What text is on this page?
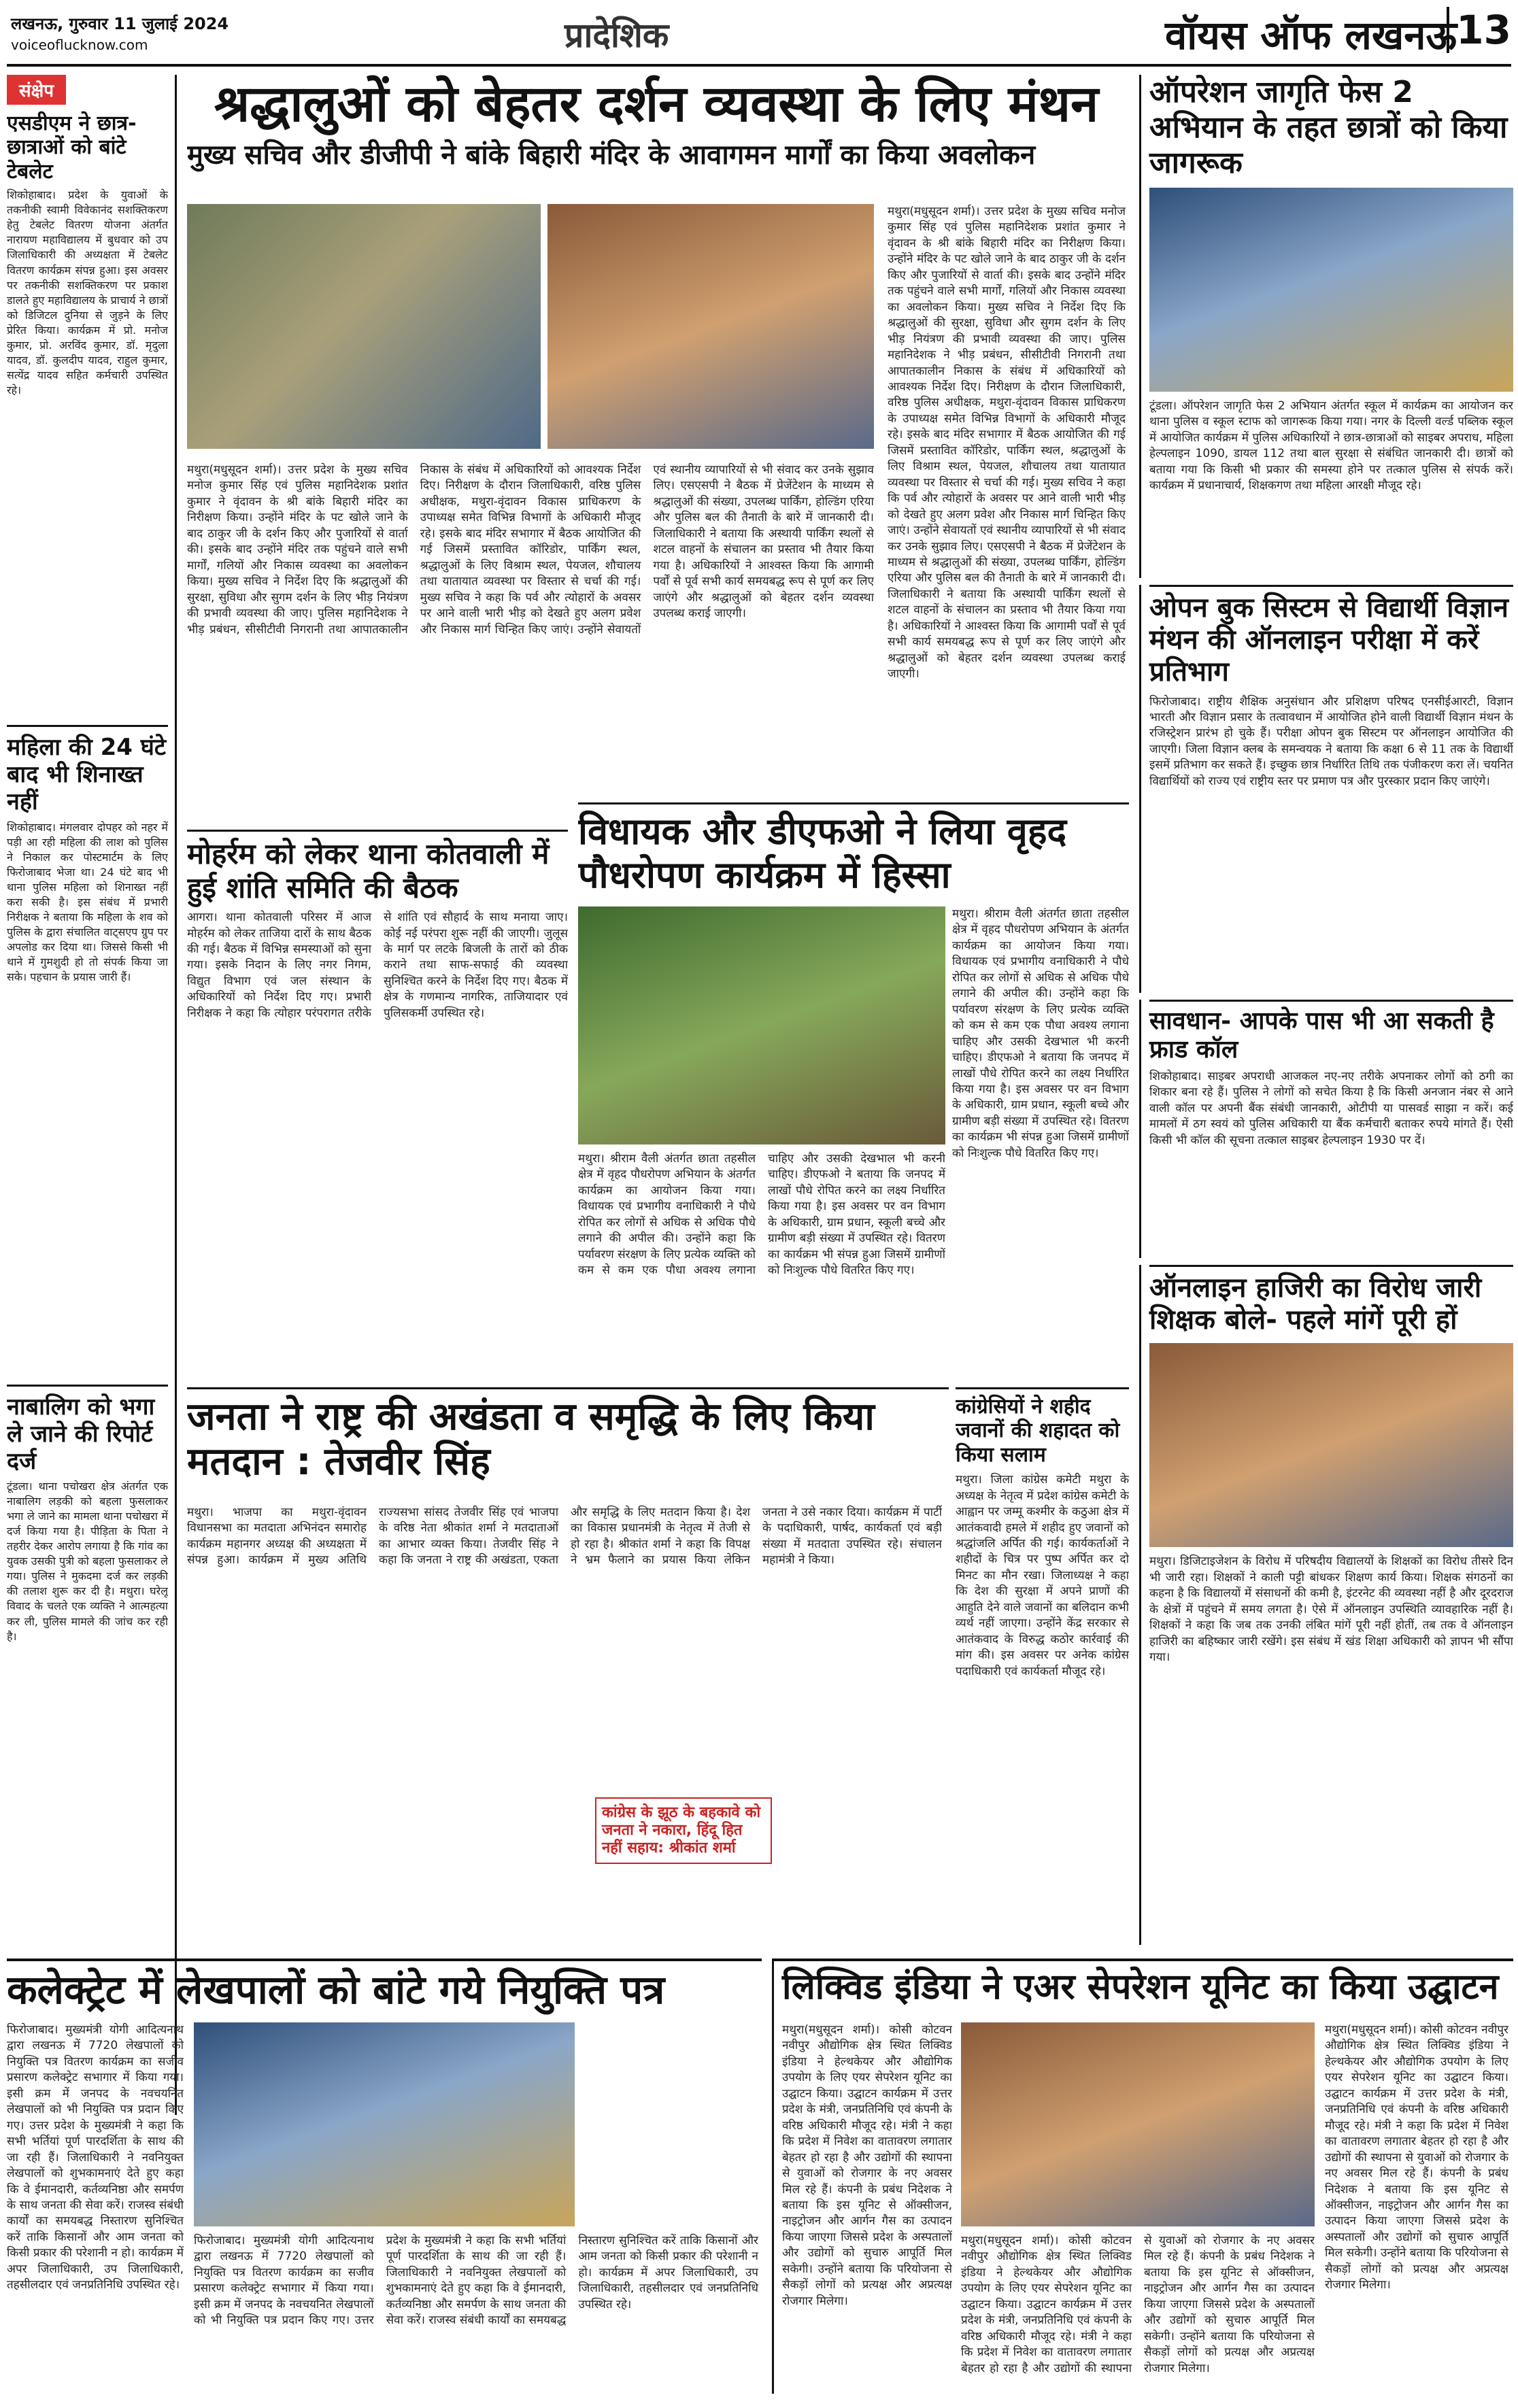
लखनऊ, गुरुवार 11 जुलाई 2024
voiceoflucknow.com	प्रादेशिक	वॉयस ऑफ लखनऊ 13
संक्षेप
एसडीएम ने छात्र-छात्राओं को बांटे टेबलेट
शिकोहाबाद। प्रदेश के युवाओं के तकनीकी स्वामी विवेकानंद सशक्तिकरण हेतु टेबलेट वितरण योजना अंतर्गत नारायण महाविद्यालय में बुधवार को उप जिलाधिकारी की अध्यक्षता में टेबलेट वितरण कार्यक्रम संपन्न हुआ। इस अवसर पर तकनीकी सशक्तिकरण पर प्रकाश डालते हुए महाविद्यालय के प्राचार्य ने छात्रों को डिजिटल दुनिया से जुड़ने के लिए प्रेरित किया। कार्यक्रम में प्रो. मनोज कुमार, प्रो. अरविंद कुमार, डॉ. मृदुला यादव, डॉ. कुलदीप यादव, राहुल कुमार, सत्येंद्र यादव सहित कर्मचारी उपस्थित रहे।
महिला की 24 घंटे बाद भी शिनाख्त नहीं
शिकोहाबाद। मंगलवार दोपहर को नहर में पड़ी आ रही महिला की लाश को पुलिस ने निकाल कर पोस्टमार्टम के लिए फिरोजाबाद भेजा था। 24 घंटे बाद भी थाना पुलिस महिला को शिनाख्त नहीं करा सकी है। इस संबंध में प्रभारी निरीक्षक ने बताया कि महिला के शव को पुलिस के द्वारा संचालित वाट्सएप ग्रुप पर अपलोड कर दिया था। जिससे किसी भी थाने में गुमशुदी हो तो संपर्क किया जा सके। पहचान के प्रयास जारी हैं।
नाबालिग को भगा ले जाने की रिपोर्ट दर्ज
टूंडला। थाना पचोखरा क्षेत्र अंतर्गत एक नाबालिग लड़की को बहला फुसलाकर भगा ले जाने का मामला थाना पचोखरा में दर्ज किया गया है। पीड़िता के पिता ने तहरीर देकर आरोप लगाया है कि गांव का युवक उसकी पुत्री को बहला फुसलाकर ले गया। पुलिस ने मुकदमा दर्ज कर लड़की की तलाश शुरू कर दी है। मथुरा। घरेलू विवाद के चलते एक व्यक्ति ने आत्महत्या कर ली, पुलिस मामले की जांच कर रही है।
श्रद्धालुओं को बेहतर दर्शन व्यवस्था के लिए मंथन
मुख्य सचिव और डीजीपी ने बांके बिहारी मंदिर के आवागमन मार्गों का किया अवलोकन
मथुरा(मधुसूदन शर्मा)। उत्तर प्रदेश के मुख्य सचिव मनोज कुमार सिंह एवं पुलिस महानिदेशक प्रशांत कुमार ने वृंदावन के श्री बांके बिहारी मंदिर का निरीक्षण किया। उन्होंने मंदिर के पट खोले जाने के बाद ठाकुर जी के दर्शन किए और पुजारियों से वार्ता की। इसके बाद उन्होंने मंदिर तक पहुंचने वाले सभी मार्गों, गलियों और निकास व्यवस्था का अवलोकन किया। मुख्य सचिव ने निर्देश दिए कि श्रद्धालुओं की सुरक्षा, सुविधा और सुगम दर्शन के लिए भीड़ नियंत्रण की प्रभावी व्यवस्था की जाए। पुलिस महानिदेशक ने भीड़ प्रबंधन, सीसीटीवी निगरानी तथा आपातकालीन निकास के संबंध में अधिकारियों को आवश्यक निर्देश दिए। निरीक्षण के दौरान जिलाधिकारी, वरिष्ठ पुलिस अधीक्षक, मथुरा-वृंदावन विकास प्राधिकरण के उपाध्यक्ष समेत विभिन्न विभागों के अधिकारी मौजूद रहे। इसके बाद मंदिर सभागार में बैठक आयोजित की गई जिसमें प्रस्तावित कॉरिडोर, पार्किंग स्थल, श्रद्धालुओं के लिए विश्राम स्थल, पेयजल, शौचालय तथा यातायात व्यवस्था पर विस्तार से चर्चा की गई। मुख्य सचिव ने कहा कि पर्व और त्योहारों के अवसर पर आने वाली भारी भीड़ को देखते हुए अलग प्रवेश और निकास मार्ग चिन्हित किए जाएं। उन्होंने सेवायतों एवं स्थानीय व्यापारियों से भी संवाद कर उनके सुझाव लिए। एसएसपी ने बैठक में प्रेजेंटेशन के माध्यम से श्रद्धालुओं की संख्या, उपलब्ध पार्किंग, होल्डिंग एरिया और पुलिस बल की तैनाती के बारे में जानकारी दी। जिलाधिकारी ने बताया कि अस्थायी पार्किंग स्थलों से शटल वाहनों के संचालन का प्रस्ताव भी तैयार किया गया है। अधिकारियों ने आश्वस्त किया कि आगामी पर्वों से पूर्व सभी कार्य समयबद्ध रूप से पूर्ण कर लिए जाएंगे और श्रद्धालुओं को बेहतर दर्शन व्यवस्था उपलब्ध कराई जाएगी।
मथुरा(मधुसूदन शर्मा)। उत्तर प्रदेश के मुख्य सचिव मनोज कुमार सिंह एवं पुलिस महानिदेशक प्रशांत कुमार ने वृंदावन के श्री बांके बिहारी मंदिर का निरीक्षण किया। उन्होंने मंदिर के पट खोले जाने के बाद ठाकुर जी के दर्शन किए और पुजारियों से वार्ता की। इसके बाद उन्होंने मंदिर तक पहुंचने वाले सभी मार्गों, गलियों और निकास व्यवस्था का अवलोकन किया। मुख्य सचिव ने निर्देश दिए कि श्रद्धालुओं की सुरक्षा, सुविधा और सुगम दर्शन के लिए भीड़ नियंत्रण की प्रभावी व्यवस्था की जाए। पुलिस महानिदेशक ने भीड़ प्रबंधन, सीसीटीवी निगरानी तथा आपातकालीन निकास के संबंध में अधिकारियों को आवश्यक निर्देश दिए। निरीक्षण के दौरान जिलाधिकारी, वरिष्ठ पुलिस अधीक्षक, मथुरा-वृंदावन विकास प्राधिकरण के उपाध्यक्ष समेत विभिन्न विभागों के अधिकारी मौजूद रहे। इसके बाद मंदिर सभागार में बैठक आयोजित की गई जिसमें प्रस्तावित कॉरिडोर, पार्किंग स्थल, श्रद्धालुओं के लिए विश्राम स्थल, पेयजल, शौचालय तथा यातायात व्यवस्था पर विस्तार से चर्चा की गई। मुख्य सचिव ने कहा कि पर्व और त्योहारों के अवसर पर आने वाली भारी भीड़ को देखते हुए अलग प्रवेश और निकास मार्ग चिन्हित किए जाएं। उन्होंने सेवायतों एवं स्थानीय व्यापारियों से भी संवाद कर उनके सुझाव लिए। एसएसपी ने बैठक में प्रेजेंटेशन के माध्यम से श्रद्धालुओं की संख्या, उपलब्ध पार्किंग, होल्डिंग एरिया और पुलिस बल की तैनाती के बारे में जानकारी दी। जिलाधिकारी ने बताया कि अस्थायी पार्किंग स्थलों से शटल वाहनों के संचालन का प्रस्ताव भी तैयार किया गया है। अधिकारियों ने आश्वस्त किया कि आगामी पर्वों से पूर्व सभी कार्य समयबद्ध रूप से पूर्ण कर लिए जाएंगे और श्रद्धालुओं को बेहतर दर्शन व्यवस्था उपलब्ध कराई जाएगी।
ऑपरेशन जागृति फेस 2 अभियान के तहत छात्रों को किया जागरूक
टूंडला। ऑपरेशन जागृति फेस 2 अभियान अंतर्गत स्कूल में कार्यक्रम का आयोजन कर थाना पुलिस व स्कूल स्टाफ को जागरूक किया गया। नगर के दिल्ली वर्ल्ड पब्लिक स्कूल में आयोजित कार्यक्रम में पुलिस अधिकारियों ने छात्र-छात्राओं को साइबर अपराध, महिला हेल्पलाइन 1090, डायल 112 तथा बाल सुरक्षा से संबंधित जानकारी दी। छात्रों को बताया गया कि किसी भी प्रकार की समस्या होने पर तत्काल पुलिस से संपर्क करें। कार्यक्रम में प्रधानाचार्य, शिक्षकगण तथा महिला आरक्षी मौजूद रहे।
ओपन बुक सिस्टम से विद्यार्थी विज्ञान मंथन की ऑनलाइन परीक्षा में करें प्रतिभाग
फिरोजाबाद। राष्ट्रीय शैक्षिक अनुसंधान और प्रशिक्षण परिषद एनसीईआरटी, विज्ञान भारती और विज्ञान प्रसार के तत्वावधान में आयोजित होने वाली विद्यार्थी विज्ञान मंथन के रजिस्ट्रेशन प्रारंभ हो चुके हैं। परीक्षा ओपन बुक सिस्टम पर ऑनलाइन आयोजित की जाएगी। जिला विज्ञान क्लब के समन्वयक ने बताया कि कक्षा 6 से 11 तक के विद्यार्थी इसमें प्रतिभाग कर सकते हैं। इच्छुक छात्र निर्धारित तिथि तक पंजीकरण करा लें। चयनित विद्यार्थियों को राज्य एवं राष्ट्रीय स्तर पर प्रमाण पत्र और पुरस्कार प्रदान किए जाएंगे।
सावधान- आपके पास भी आ सकती है फ्राड कॉल
शिकोहाबाद। साइबर अपराधी आजकल नए-नए तरीके अपनाकर लोगों को ठगी का शिकार बना रहे हैं। पुलिस ने लोगों को सचेत किया है कि किसी अनजान नंबर से आने वाली कॉल पर अपनी बैंक संबंधी जानकारी, ओटीपी या पासवर्ड साझा न करें। कई मामलों में ठग स्वयं को पुलिस अधिकारी या बैंक कर्मचारी बताकर रुपये मांगते हैं। ऐसी किसी भी कॉल की सूचना तत्काल साइबर हेल्पलाइन 1930 पर दें।
ऑनलाइन हाजिरी का विरोध जारी शिक्षक बोले- पहले मांगें पूरी हों
मथुरा। डिजिटाइजेशन के विरोध में परिषदीय विद्यालयों के शिक्षकों का विरोध तीसरे दिन भी जारी रहा। शिक्षकों ने काली पट्टी बांधकर शिक्षण कार्य किया। शिक्षक संगठनों का कहना है कि विद्यालयों में संसाधनों की कमी है, इंटरनेट की व्यवस्था नहीं है और दूरदराज के क्षेत्रों में पहुंचने में समय लगता है। ऐसे में ऑनलाइन उपस्थिति व्यावहारिक नहीं है। शिक्षकों ने कहा कि जब तक उनकी लंबित मांगें पूरी नहीं होतीं, तब तक वे ऑनलाइन हाजिरी का बहिष्कार जारी रखेंगे। इस संबंध में खंड शिक्षा अधिकारी को ज्ञापन भी सौंपा गया।
मोहर्रम को लेकर थाना कोतवाली में हुई शांति समिति की बैठक
आगरा। थाना कोतवाली परिसर में आज मोहर्रम को लेकर ताजिया दारों के साथ बैठक की गई। बैठक में विभिन्न समस्याओं को सुना गया। इसके निदान के लिए नगर निगम, विद्युत विभाग एवं जल संस्थान के अधिकारियों को निर्देश दिए गए। प्रभारी निरीक्षक ने कहा कि त्योहार परंपरागत तरीके से शांति एवं सौहार्द के साथ मनाया जाए। कोई नई परंपरा शुरू नहीं की जाएगी। जुलूस के मार्ग पर लटके बिजली के तारों को ठीक कराने तथा साफ-सफाई की व्यवस्था सुनिश्चित करने के निर्देश दिए गए। बैठक में क्षेत्र के गणमान्य नागरिक, ताजियादार एवं पुलिसकर्मी उपस्थित रहे।
विधायक और डीएफओ ने लिया वृहद पौधरोपण कार्यक्रम में हिस्सा
मथुरा। श्रीराम वैली अंतर्गत छाता तहसील क्षेत्र में वृहद पौधरोपण अभियान के अंतर्गत कार्यक्रम का आयोजन किया गया। विधायक एवं प्रभागीय वनाधिकारी ने पौधे रोपित कर लोगों से अधिक से अधिक पौधे लगाने की अपील की। उन्होंने कहा कि पर्यावरण संरक्षण के लिए प्रत्येक व्यक्ति को कम से कम एक पौधा अवश्य लगाना चाहिए और उसकी देखभाल भी करनी चाहिए। डीएफओ ने बताया कि जनपद में लाखों पौधे रोपित करने का लक्ष्य निर्धारित किया गया है। इस अवसर पर वन विभाग के अधिकारी, ग्राम प्रधान, स्कूली बच्चे और ग्रामीण बड़ी संख्या में उपस्थित रहे। वितरण का कार्यक्रम भी संपन्न हुआ जिसमें ग्रामीणों को निःशुल्क पौधे वितरित किए गए।
मथुरा। श्रीराम वैली अंतर्गत छाता तहसील क्षेत्र में वृहद पौधरोपण अभियान के अंतर्गत कार्यक्रम का आयोजन किया गया। विधायक एवं प्रभागीय वनाधिकारी ने पौधे रोपित कर लोगों से अधिक से अधिक पौधे लगाने की अपील की। उन्होंने कहा कि पर्यावरण संरक्षण के लिए प्रत्येक व्यक्ति को कम से कम एक पौधा अवश्य लगाना चाहिए और उसकी देखभाल भी करनी चाहिए। डीएफओ ने बताया कि जनपद में लाखों पौधे रोपित करने का लक्ष्य निर्धारित किया गया है। इस अवसर पर वन विभाग के अधिकारी, ग्राम प्रधान, स्कूली बच्चे और ग्रामीण बड़ी संख्या में उपस्थित रहे। वितरण का कार्यक्रम भी संपन्न हुआ जिसमें ग्रामीणों को निःशुल्क पौधे वितरित किए गए।
जनता ने राष्ट्र की अखंडता व समृद्धि के लिए किया मतदान : तेजवीर सिंह
मथुरा। भाजपा का मथुरा-वृंदावन विधानसभा का मतदाता अभिनंदन समारोह कार्यक्रम महानगर अध्यक्ष की अध्यक्षता में संपन्न हुआ। कार्यक्रम में मुख्य अतिथि राज्यसभा सांसद तेजवीर सिंह एवं भाजपा के वरिष्ठ नेता श्रीकांत शर्मा ने मतदाताओं का आभार व्यक्त किया। तेजवीर सिंह ने कहा कि जनता ने राष्ट्र की अखंडता, एकता और समृद्धि के लिए मतदान किया है। देश का विकास प्रधानमंत्री के नेतृत्व में तेजी से हो रहा है। श्रीकांत शर्मा ने कहा कि विपक्ष ने भ्रम फैलाने का प्रयास किया लेकिन जनता ने उसे नकार दिया। कार्यक्रम में पार्टी के पदाधिकारी, पार्षद, कार्यकर्ता एवं बड़ी संख्या में मतदाता उपस्थित रहे। संचालन महामंत्री ने किया।
कांग्रेस के झूठ के बहकावे को जनता ने नकारा, हिंदू हित नहीं सहाय: श्रीकांत शर्मा
कांग्रेसियों ने शहीद जवानों की शहादत को किया सलाम
मथुरा। जिला कांग्रेस कमेटी मथुरा के अध्यक्ष के नेतृत्व में प्रदेश कांग्रेस कमेटी के आह्वान पर जम्मू कश्मीर के कठुआ क्षेत्र में आतंकवादी हमले में शहीद हुए जवानों को श्रद्धांजलि अर्पित की गई। कार्यकर्ताओं ने शहीदों के चित्र पर पुष्प अर्पित कर दो मिनट का मौन रखा। जिलाध्यक्ष ने कहा कि देश की सुरक्षा में अपने प्राणों की आहुति देने वाले जवानों का बलिदान कभी व्यर्थ नहीं जाएगा। उन्होंने केंद्र सरकार से आतंकवाद के विरुद्ध कठोर कार्रवाई की मांग की। इस अवसर पर अनेक कांग्रेस पदाधिकारी एवं कार्यकर्ता मौजूद रहे।
कलेक्ट्रेट में लेखपालों को बांटे गये नियुक्ति पत्र
फिरोजाबाद। मुख्यमंत्री योगी आदित्यनाथ द्वारा लखनऊ में 7720 लेखपालों को नियुक्ति पत्र वितरण कार्यक्रम का सजीव प्रसारण कलेक्ट्रेट सभागार में किया गया। इसी क्रम में जनपद के नवचयनित लेखपालों को भी नियुक्ति पत्र प्रदान किए गए। उत्तर प्रदेश के मुख्यमंत्री ने कहा कि सभी भर्तियां पूर्ण पारदर्शिता के साथ की जा रही हैं। जिलाधिकारी ने नवनियुक्त लेखपालों को शुभकामनाएं देते हुए कहा कि वे ईमानदारी, कर्तव्यनिष्ठा और समर्पण के साथ जनता की सेवा करें। राजस्व संबंधी कार्यों का समयबद्ध निस्तारण सुनिश्चित करें ताकि किसानों और आम जनता को किसी प्रकार की परेशानी न हो। कार्यक्रम में अपर जिलाधिकारी, उप जिलाधिकारी, तहसीलदार एवं जनप्रतिनिधि उपस्थित रहे।
फिरोजाबाद। मुख्यमंत्री योगी आदित्यनाथ द्वारा लखनऊ में 7720 लेखपालों को नियुक्ति पत्र वितरण कार्यक्रम का सजीव प्रसारण कलेक्ट्रेट सभागार में किया गया। इसी क्रम में जनपद के नवचयनित लेखपालों को भी नियुक्ति पत्र प्रदान किए गए। उत्तर प्रदेश के मुख्यमंत्री ने कहा कि सभी भर्तियां पूर्ण पारदर्शिता के साथ की जा रही हैं। जिलाधिकारी ने नवनियुक्त लेखपालों को शुभकामनाएं देते हुए कहा कि वे ईमानदारी, कर्तव्यनिष्ठा और समर्पण के साथ जनता की सेवा करें। राजस्व संबंधी कार्यों का समयबद्ध निस्तारण सुनिश्चित करें ताकि किसानों और आम जनता को किसी प्रकार की परेशानी न हो। कार्यक्रम में अपर जिलाधिकारी, उप जिलाधिकारी, तहसीलदार एवं जनप्रतिनिधि उपस्थित रहे।
लिक्विड इंडिया ने एअर सेपरेशन यूनिट का किया उद्घाटन
मथुरा(मधुसूदन शर्मा)। कोसी कोटवन नवीपुर औद्योगिक क्षेत्र स्थित लिक्विड इंडिया ने हेल्थकेयर और औद्योगिक उपयोग के लिए एयर सेपरेशन यूनिट का उद्घाटन किया। उद्घाटन कार्यक्रम में उत्तर प्रदेश के मंत्री, जनप्रतिनिधि एवं कंपनी के वरिष्ठ अधिकारी मौजूद रहे। मंत्री ने कहा कि प्रदेश में निवेश का वातावरण लगातार बेहतर हो रहा है और उद्योगों की स्थापना से युवाओं को रोजगार के नए अवसर मिल रहे हैं। कंपनी के प्रबंध निदेशक ने बताया कि इस यूनिट से ऑक्सीजन, नाइट्रोजन और आर्गन गैस का उत्पादन किया जाएगा जिससे प्रदेश के अस्पतालों और उद्योगों को सुचारु आपूर्ति मिल सकेगी। उन्होंने बताया कि परियोजना से सैकड़ों लोगों को प्रत्यक्ष और अप्रत्यक्ष रोजगार मिलेगा।
मथुरा(मधुसूदन शर्मा)। कोसी कोटवन नवीपुर औद्योगिक क्षेत्र स्थित लिक्विड इंडिया ने हेल्थकेयर और औद्योगिक उपयोग के लिए एयर सेपरेशन यूनिट का उद्घाटन किया। उद्घाटन कार्यक्रम में उत्तर प्रदेश के मंत्री, जनप्रतिनिधि एवं कंपनी के वरिष्ठ अधिकारी मौजूद रहे। मंत्री ने कहा कि प्रदेश में निवेश का वातावरण लगातार बेहतर हो रहा है और उद्योगों की स्थापना से युवाओं को रोजगार के नए अवसर मिल रहे हैं। कंपनी के प्रबंध निदेशक ने बताया कि इस यूनिट से ऑक्सीजन, नाइट्रोजन और आर्गन गैस का उत्पादन किया जाएगा जिससे प्रदेश के अस्पतालों और उद्योगों को सुचारु आपूर्ति मिल सकेगी। उन्होंने बताया कि परियोजना से सैकड़ों लोगों को प्रत्यक्ष और अप्रत्यक्ष रोजगार मिलेगा।
मथुरा(मधुसूदन शर्मा)। कोसी कोटवन नवीपुर औद्योगिक क्षेत्र स्थित लिक्विड इंडिया ने हेल्थकेयर और औद्योगिक उपयोग के लिए एयर सेपरेशन यूनिट का उद्घाटन किया। उद्घाटन कार्यक्रम में उत्तर प्रदेश के मंत्री, जनप्रतिनिधि एवं कंपनी के वरिष्ठ अधिकारी मौजूद रहे। मंत्री ने कहा कि प्रदेश में निवेश का वातावरण लगातार बेहतर हो रहा है और उद्योगों की स्थापना से युवाओं को रोजगार के नए अवसर मिल रहे हैं। कंपनी के प्रबंध निदेशक ने बताया कि इस यूनिट से ऑक्सीजन, नाइट्रोजन और आर्गन गैस का उत्पादन किया जाएगा जिससे प्रदेश के अस्पतालों और उद्योगों को सुचारु आपूर्ति मिल सकेगी। उन्होंने बताया कि परियोजना से सैकड़ों लोगों को प्रत्यक्ष और अप्रत्यक्ष रोजगार मिलेगा।
